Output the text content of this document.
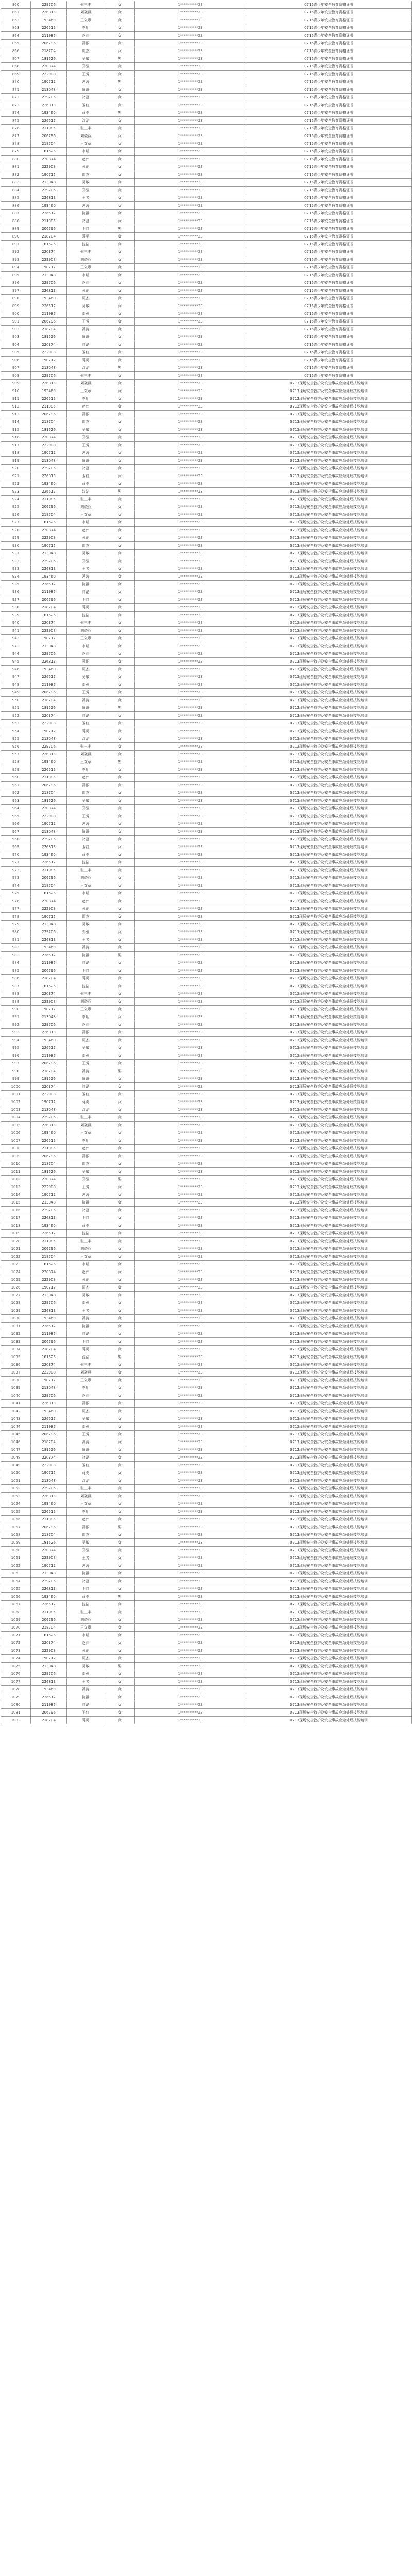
860	229706	张三丰	女	1**********23	0715青少年安全教育资格证书
861	226813	刘晓燕	女	1**********23	0715青少年安全教育资格证书
862	193460	王文章	女	1**********23	0715青少年安全教育资格证书
863	226512	李明	女	1**********23	0715青少年安全教育资格证书
864	211985	赵伟	女	1**********23	0715青少年安全教育资格证书
865	206796	孙丽	女	1**********23	0715青少年安全教育资格证书
866	218704	周杰	女	1**********23	0715青少年安全教育资格证书
867	181526	吴敏	男	1**********23	0715青少年安全教育资格证书
868	220374	郑强	女	1**********23	0715青少年安全教育资格证书
869	222908	王芳	女	1**********23	0715青少年安全教育资格证书
870	190712	冯涛	男	1**********23	0715青少年安全教育资格证书
871	213048	陈静	女	1**********23	0715青少年安全教育资格证书
872	229706	褚磊	女	1**********23	0715青少年安全教育资格证书
873	226813	卫红	女	1**********23	0715青少年安全教育资格证书
874	193460	蒋勇	男	1**********23	0715青少年安全教育资格证书
875	226512	沈洁	女	1**********23	0715青少年安全教育资格证书
876	211985	张三丰	女	1**********23	0715青少年安全教育资格证书
877	206796	刘晓燕	女	1**********23	0715青少年安全教育资格证书
878	218704	王文章	女	1**********23	0715青少年安全教育资格证书
879	181526	李明	女	1**********23	0715青少年安全教育资格证书
880	220374	赵伟	女	1**********23	0715青少年安全教育资格证书
881	222908	孙丽	女	1**********23	0715青少年安全教育资格证书
882	190712	周杰	女	1**********23	0715青少年安全教育资格证书
883	213048	吴敏	女	1**********23	0715青少年安全教育资格证书
884	229706	郑强	女	1**********23	0715青少年安全教育资格证书
885	226813	王芳	女	1**********23	0715青少年安全教育资格证书
886	193460	冯涛	女	1**********23	0715青少年安全教育资格证书
887	226512	陈静	女	1**********23	0715青少年安全教育资格证书
888	211985	褚磊	女	1**********23	0715青少年安全教育资格证书
889	206796	卫红	男	1**********23	0715青少年安全教育资格证书
890	218704	蒋勇	女	1**********23	0715青少年安全教育资格证书
891	181526	沈洁	女	1**********23	0715青少年安全教育资格证书
892	220374	张三丰	女	1**********23	0715青少年安全教育资格证书
893	222908	刘晓燕	女	1**********23	0715青少年安全教育资格证书
894	190712	王文章	女	1**********23	0715青少年安全教育资格证书
895	213048	李明	女	1**********23	0715青少年安全教育资格证书
896	229706	赵伟	女	1**********23	0715青少年安全教育资格证书
897	226813	孙丽	女	1**********23	0715青少年安全教育资格证书
898	193460	周杰	女	1**********23	0715青少年安全教育资格证书
899	226512	吴敏	女	1**********23	0715青少年安全教育资格证书
900	211985	郑强	女	1**********23	0715青少年安全教育资格证书
901	206796	王芳	女	1**********23	0715青少年安全教育资格证书
902	218704	冯涛	女	1**********23	0715青少年安全教育资格证书
903	181526	陈静	女	1**********23	0715青少年安全教育资格证书
904	220374	褚磊	女	1**********23	0715青少年安全教育资格证书
905	222908	卫红	女	1**********23	0715青少年安全教育资格证书
906	190712	蒋勇	女	1**********23	0715青少年安全教育资格证书
907	213048	沈洁	男	1**********23	0715青少年安全教育资格证书
908	229706	张三丰	女	1**********23	0715青少年安全教育资格证书
909	226813	刘晓燕	女	1**********23	0713现场安全救护及安全事故应急处理技能培训
910	193460	王文章	女	1**********23	0713现场安全救护及安全事故应急处理技能培训
911	226512	李明	女	1**********23	0713现场安全救护及安全事故应急处理技能培训
912	211985	赵伟	女	1**********23	0713现场安全救护及安全事故应急处理技能培训
913	206796	孙丽	女	1**********23	0713现场安全救护及安全事故应急处理技能培训
914	218704	周杰	女	1**********23	0713现场安全救护及安全事故应急处理技能培训
915	181526	吴敏	女	1**********23	0713现场安全救护及安全事故应急处理技能培训
916	220374	郑强	女	1**********23	0713现场安全救护及安全事故应急处理技能培训
917	222908	王芳	女	1**********23	0713现场安全救护及安全事故应急处理技能培训
918	190712	冯涛	女	1**********23	0713现场安全救护及安全事故应急处理技能培训
919	213048	陈静	女	1**********23	0713现场安全救护及安全事故应急处理技能培训
920	229706	褚磊	女	1**********23	0713现场安全救护及安全事故应急处理技能培训
921	226813	卫红	女	1**********23	0713现场安全救护及安全事故应急处理技能培训
922	193460	蒋勇	女	1**********23	0713现场安全救护及安全事故应急处理技能培训
923	226512	沈洁	男	1**********23	0713现场安全救护及安全事故应急处理技能培训
924	211985	张三丰	女	1**********23	0713现场安全救护及安全事故应急处理技能培训
925	206796	刘晓燕	女	1**********23	0713现场安全救护及安全事故应急处理技能培训
926	218704	王文章	女	1**********23	0713现场安全救护及安全事故应急处理技能培训
927	181526	李明	女	1**********23	0713现场安全救护及安全事故应急处理技能培训
928	220374	赵伟	女	1**********23	0713现场安全救护及安全事故应急处理技能培训
929	222908	孙丽	女	1**********23	0713现场安全救护及安全事故应急处理技能培训
930	190712	周杰	女	1**********23	0713现场安全救护及安全事故应急处理技能培训
931	213048	吴敏	女	1**********23	0713现场安全救护及安全事故应急处理技能培训
932	229706	郑强	女	1**********23	0713现场安全救护及安全事故应急处理技能培训
933	226813	王芳	女	1**********23	0713现场安全救护及安全事故应急处理技能培训
934	193460	冯涛	女	1**********23	0713现场安全救护及安全事故应急处理技能培训
935	226512	陈静	女	1**********23	0713现场安全救护及安全事故应急处理技能培训
936	211985	褚磊	女	1**********23	0713现场安全救护及安全事故应急处理技能培训
937	206796	卫红	女	1**********23	0713现场安全救护及安全事故应急处理技能培训
938	218704	蒋勇	女	1**********23	0713现场安全救护及安全事故应急处理技能培训
939	181526	沈洁	女	1**********23	0713现场安全救护及安全事故应急处理技能培训
940	220374	张三丰	女	1**********23	0713现场安全救护及安全事故应急处理技能培训
941	222908	刘晓燕	女	1**********23	0713现场安全救护及安全事故应急处理技能培训
942	190712	王文章	女	1**********23	0713现场安全救护及安全事故应急处理技能培训
943	213048	李明	女	1**********23	0713现场安全救护及安全事故应急处理技能培训
944	229706	赵伟	女	1**********23	0713现场安全救护及安全事故应急处理技能培训
945	226813	孙丽	女	1**********23	0713现场安全救护及安全事故应急处理技能培训
946	193460	周杰	女	1**********23	0713现场安全救护及安全事故应急处理技能培训
947	226512	吴敏	女	1**********23	0713现场安全救护及安全事故应急处理技能培训
948	211985	郑强	女	1**********23	0713现场安全救护及安全事故应急处理技能培训
949	206796	王芳	女	1**********23	0713现场安全救护及安全事故应急处理技能培训
950	218704	冯涛	女	1**********23	0713现场安全救护及安全事故应急处理技能培训
951	181526	陈静	男	1**********23	0713现场安全救护及安全事故应急处理技能培训
952	220374	褚磊	女	1**********23	0713现场安全救护及安全事故应急处理技能培训
953	222908	卫红	女	1**********23	0713现场安全救护及安全事故应急处理技能培训
954	190712	蒋勇	女	1**********23	0713现场安全救护及安全事故应急处理技能培训
955	213048	沈洁	女	1**********23	0713现场安全救护及安全事故应急处理技能培训
956	229706	张三丰	女	1**********23	0713现场安全救护及安全事故应急处理技能培训
957	226813	刘晓燕	女	1**********23	0713现场安全救护及安全事故应急处理技能培训
958	193460	王文章	男	1**********23	0713现场安全救护及安全事故应急处理技能培训
959	226512	李明	女	1**********23	0713现场安全救护及安全事故应急处理技能培训
960	211985	赵伟	女	1**********23	0713现场安全救护及安全事故应急处理技能培训
961	206796	孙丽	女	1**********23	0713现场安全救护及安全事故应急处理技能培训
962	218704	周杰	女	1**********23	0713现场安全救护及安全事故应急处理技能培训
963	181526	吴敏	女	1**********23	0713现场安全救护及安全事故应急处理技能培训
964	220374	郑强	女	1**********23	0713现场安全救护及安全事故应急处理技能培训
965	222908	王芳	女	1**********23	0713现场安全救护及安全事故应急处理技能培训
966	190712	冯涛	女	1**********23	0713现场安全救护及安全事故应急处理技能培训
967	213048	陈静	女	1**********23	0713现场安全救护及安全事故应急处理技能培训
968	229706	褚磊	女	1**********23	0713现场安全救护及安全事故应急处理技能培训
969	226813	卫红	女	1**********23	0713现场安全救护及安全事故应急处理技能培训
970	193460	蒋勇	女	1**********23	0713现场安全救护及安全事故应急处理技能培训
971	226512	沈洁	女	1**********23	0713现场安全救护及安全事故应急处理技能培训
972	211985	张三丰	女	1**********23	0713现场安全救护及安全事故应急处理技能培训
973	206796	刘晓燕	女	1**********23	0713现场安全救护及安全事故应急处理技能培训
974	218704	王文章	女	1**********23	0713现场安全救护及安全事故应急处理技能培训
975	181526	李明	女	1**********23	0713现场安全救护及安全事故应急处理技能培训
976	220374	赵伟	女	1**********23	0713现场安全救护及安全事故应急处理技能培训
977	222908	孙丽	女	1**********23	0713现场安全救护及安全事故应急处理技能培训
978	190712	周杰	女	1**********23	0713现场安全救护及安全事故应急处理技能培训
979	213048	吴敏	女	1**********23	0713现场安全救护及安全事故应急处理技能培训
980	229706	郑强	女	1**********23	0713现场安全救护及安全事故应急处理技能培训
981	226813	王芳	女	1**********23	0713现场安全救护及安全事故应急处理技能培训
982	193460	冯涛	女	1**********23	0713现场安全救护及安全事故应急处理技能培训
983	226512	陈静	男	1**********23	0713现场安全救护及安全事故应急处理技能培训
984	211985	褚磊	女	1**********23	0713现场安全救护及安全事故应急处理技能培训
985	206796	卫红	女	1**********23	0713现场安全救护及安全事故应急处理技能培训
986	218704	蒋勇	女	1**********23	0713现场安全救护及安全事故应急处理技能培训
987	181526	沈洁	女	1**********23	0713现场安全救护及安全事故应急处理技能培训
988	220374	张三丰	女	1**********23	0713现场安全救护及安全事故应急处理技能培训
989	222908	刘晓燕	女	1**********23	0713现场安全救护及安全事故应急处理技能培训
990	190712	王文章	女	1**********23	0713现场安全救护及安全事故应急处理技能培训
991	213048	李明	女	1**********23	0713现场安全救护及安全事故应急处理技能培训
992	229706	赵伟	女	1**********23	0713现场安全救护及安全事故应急处理技能培训
993	226813	孙丽	女	1**********23	0713现场安全救护及安全事故应急处理技能培训
994	193460	周杰	女	1**********23	0713现场安全救护及安全事故应急处理技能培训
995	226512	吴敏	女	1**********23	0713现场安全救护及安全事故应急处理技能培训
996	211985	郑强	女	1**********23	0713现场安全救护及安全事故应急处理技能培训
997	206796	王芳	女	1**********23	0713现场安全救护及安全事故应急处理技能培训
998	218704	冯涛	男	1**********23	0713现场安全救护及安全事故应急处理技能培训
999	181526	陈静	女	1**********23	0713现场安全救护及安全事故应急处理技能培训
1000	220374	褚磊	女	1**********23	0713现场安全救护及安全事故应急处理技能培训
1001	222908	卫红	女	1**********23	0713现场安全救护及安全事故应急处理技能培训
1002	190712	蒋勇	女	1**********23	0713现场安全救护及安全事故应急处理技能培训
1003	213048	沈洁	女	1**********23	0713现场安全救护及安全事故应急处理技能培训
1004	229706	张三丰	女	1**********23	0713现场安全救护及安全事故应急处理技能培训
1005	226813	刘晓燕	女	1**********23	0713现场安全救护及安全事故应急处理技能培训
1006	193460	王文章	女	1**********23	0713现场安全救护及安全事故应急处理技能培训
1007	226512	李明	女	1**********23	0713现场安全救护及安全事故应急处理技能培训
1008	211985	赵伟	女	1**********23	0713现场安全救护及安全事故应急处理技能培训
1009	206796	孙丽	女	1**********23	0713现场安全救护及安全事故应急处理技能培训
1010	218704	周杰	女	1**********23	0713现场安全救护及安全事故应急处理技能培训
1011	181526	吴敏	女	1**********23	0713现场安全救护及安全事故应急处理技能培训
1012	220374	郑强	男	1**********23	0713现场安全救护及安全事故应急处理技能培训
1013	222908	王芳	女	1**********23	0713现场安全救护及安全事故应急处理技能培训
1014	190712	冯涛	女	1**********23	0713现场安全救护及安全事故应急处理技能培训
1015	213048	陈静	女	1**********23	0713现场安全救护及安全事故应急处理技能培训
1016	229706	褚磊	女	1**********23	0713现场安全救护及安全事故应急处理技能培训
1017	226813	卫红	女	1**********23	0713现场安全救护及安全事故应急处理技能培训
1018	193460	蒋勇	女	1**********23	0713现场安全救护及安全事故应急处理技能培训
1019	226512	沈洁	女	1**********23	0713现场安全救护及安全事故应急处理技能培训
1020	211985	张三丰	女	1**********23	0713现场安全救护及安全事故应急处理技能培训
1021	206796	刘晓燕	女	1**********23	0713现场安全救护及安全事故应急处理技能培训
1022	218704	王文章	女	1**********23	0713现场安全救护及安全事故应急处理技能培训
1023	181526	李明	女	1**********23	0713现场安全救护及安全事故应急处理技能培训
1024	220374	赵伟	女	1**********23	0713现场安全救护及安全事故应急处理技能培训
1025	222908	孙丽	女	1**********23	0713现场安全救护及安全事故应急处理技能培训
1026	190712	周杰	女	1**********23	0713现场安全救护及安全事故应急处理技能培训
1027	213048	吴敏	女	1**********23	0713现场安全救护及安全事故应急处理技能培训
1028	229706	郑强	女	1**********23	0713现场安全救护及安全事故应急处理技能培训
1029	226813	王芳	女	1**********23	0713现场安全救护及安全事故应急处理技能培训
1030	193460	冯涛	女	1**********23	0713现场安全救护及安全事故应急处理技能培训
1031	226512	陈静	女	1**********23	0713现场安全救护及安全事故应急处理技能培训
1032	211985	褚磊	女	1**********23	0713现场安全救护及安全事故应急处理技能培训
1033	206796	卫红	女	1**********23	0713现场安全救护及安全事故应急处理技能培训
1034	218704	蒋勇	女	1**********23	0713现场安全救护及安全事故应急处理技能培训
1035	181526	沈洁	男	1**********23	0713现场安全救护及安全事故应急处理技能培训
1036	220374	张三丰	女	1**********23	0713现场安全救护及安全事故应急处理技能培训
1037	222908	刘晓燕	女	1**********23	0713现场安全救护及安全事故应急处理技能培训
1038	190712	王文章	女	1**********23	0713现场安全救护及安全事故应急处理技能培训
1039	213048	李明	女	1**********23	0713现场安全救护及安全事故应急处理技能培训
1040	229706	赵伟	女	1**********23	0713现场安全救护及安全事故应急处理技能培训
1041	226813	孙丽	女	1**********23	0713现场安全救护及安全事故应急处理技能培训
1042	193460	周杰	女	1**********23	0713现场安全救护及安全事故应急处理技能培训
1043	226512	吴敏	女	1**********23	0713现场安全救护及安全事故应急处理技能培训
1044	211985	郑强	女	1**********23	0713现场安全救护及安全事故应急处理技能培训
1045	206796	王芳	女	1**********23	0713现场安全救护及安全事故应急处理技能培训
1046	218704	冯涛	女	1**********23	0713现场安全救护及安全事故应急处理技能培训
1047	181526	陈静	女	1**********23	0713现场安全救护及安全事故应急处理技能培训
1048	220374	褚磊	女	1**********23	0713现场安全救护及安全事故应急处理技能培训
1049	222908	卫红	女	1**********23	0713现场安全救护及安全事故应急处理技能培训
1050	190712	蒋勇	女	1**********23	0713现场安全救护及安全事故应急处理技能培训
1051	213048	沈洁	女	1**********23	0713现场安全救护及安全事故应急处理技能培训
1052	229706	张三丰	女	1**********23	0713现场安全救护及安全事故应急处理技能培训
1053	226813	刘晓燕	女	1**********23	0713现场安全救护及安全事故应急处理技能培训
1054	193460	王文章	女	1**********23	0713现场安全救护及安全事故应急处理技能培训
1055	226512	李明	女	1**********23	0713现场安全救护及安全事故应急处理技能培训
1056	211985	赵伟	女	1**********23	0713现场安全救护及安全事故应急处理技能培训
1057	206796	孙丽	男	1**********23	0713现场安全救护及安全事故应急处理技能培训
1058	218704	周杰	女	1**********23	0713现场安全救护及安全事故应急处理技能培训
1059	181526	吴敏	女	1**********23	0713现场安全救护及安全事故应急处理技能培训
1060	220374	郑强	女	1**********23	0713现场安全救护及安全事故应急处理技能培训
1061	222908	王芳	女	1**********23	0713现场安全救护及安全事故应急处理技能培训
1062	190712	冯涛	女	1**********23	0713现场安全救护及安全事故应急处理技能培训
1063	213048	陈静	女	1**********23	0713现场安全救护及安全事故应急处理技能培训
1064	229706	褚磊	女	1**********23	0713现场安全救护及安全事故应急处理技能培训
1065	226813	卫红	女	1**********23	0713现场安全救护及安全事故应急处理技能培训
1066	193460	蒋勇	男	1**********23	0713现场安全救护及安全事故应急处理技能培训
1067	226512	沈洁	女	1**********23	0713现场安全救护及安全事故应急处理技能培训
1068	211985	张三丰	女	1**********23	0713现场安全救护及安全事故应急处理技能培训
1069	206796	刘晓燕	女	1**********23	0713现场安全救护及安全事故应急处理技能培训
1070	218704	王文章	女	1**********23	0713现场安全救护及安全事故应急处理技能培训
1071	181526	李明	女	1**********23	0713现场安全救护及安全事故应急处理技能培训
1072	220374	赵伟	女	1**********23	0713现场安全救护及安全事故应急处理技能培训
1073	222908	孙丽	女	1**********23	0713现场安全救护及安全事故应急处理技能培训
1074	190712	周杰	女	1**********23	0713现场安全救护及安全事故应急处理技能培训
1075	213048	吴敏	男	1**********23	0713现场安全救护及安全事故应急处理技能培训
1076	229706	郑强	女	1**********23	0713现场安全救护及安全事故应急处理技能培训
1077	226813	王芳	女	1**********23	0713现场安全救护及安全事故应急处理技能培训
1078	193460	冯涛	女	1**********23	0713现场安全救护及安全事故应急处理技能培训
1079	226512	陈静	女	1**********23	0713现场安全救护及安全事故应急处理技能培训
1080	211985	褚磊	女	1**********23	0713现场安全救护及安全事故应急处理技能培训
1081	206796	卫红	女	1**********23	0713现场安全救护及安全事故应急处理技能培训
1082	218704	蒋勇	女	1**********23	0713现场安全救护及安全事故应急处理技能培训
